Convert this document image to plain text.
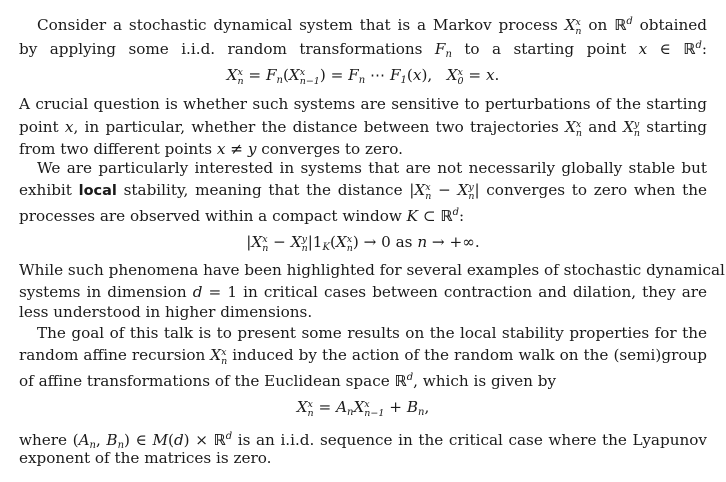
Consider a stochastic dynamical system that is a Markov process X x
n on ℝ$^d$ obtained
by applying some i.i.d. random transformations $F_n$ to a starting point x ∈ ℝ$^d$:
X x
$n = F_n(X$ x
n−1 ) = $F_n$ ⋯ $F_1(x)$,   X x
0 = x.
A crucial question is whether such systems are sensitive to perturbations of the starting
point x, in particular, whether the distance between two trajectories X x
n and X y
n starting
from two different points x ≠ y converges to zero.
We are particularly interested in systems that are not necessarily globally stable but
exhibit local stability, meaning that the distance |X x
n − X y
n | converges to zero when the
processes are observed within a compact window K ⊂ ℝ$^d$:
|X x
n − X y
n $|1_K(X$ x
n ) → 0 as n → +∞.
While such phenomena have been highlighted for several examples of stochastic dynamical
systems in dimension d = 1 in critical cases between contraction and dilation, they are
less understood in higher dimensions.
The goal of this talk is to present some results on the local stability properties for the
random affine recursion X x
n induced by the action of the random walk on the (semi)group
of affine transformations of the Euclidean space ℝ$^d$, which is given by
X x
$n = A_nX$ x
$n-1 + B_n$,
where ($A_n$, $B_n$) ∈ M(d) × ℝ$^d$ is an i.i.d. sequence in the critical case where the Lyapunov
exponent of the matrices is zero.
